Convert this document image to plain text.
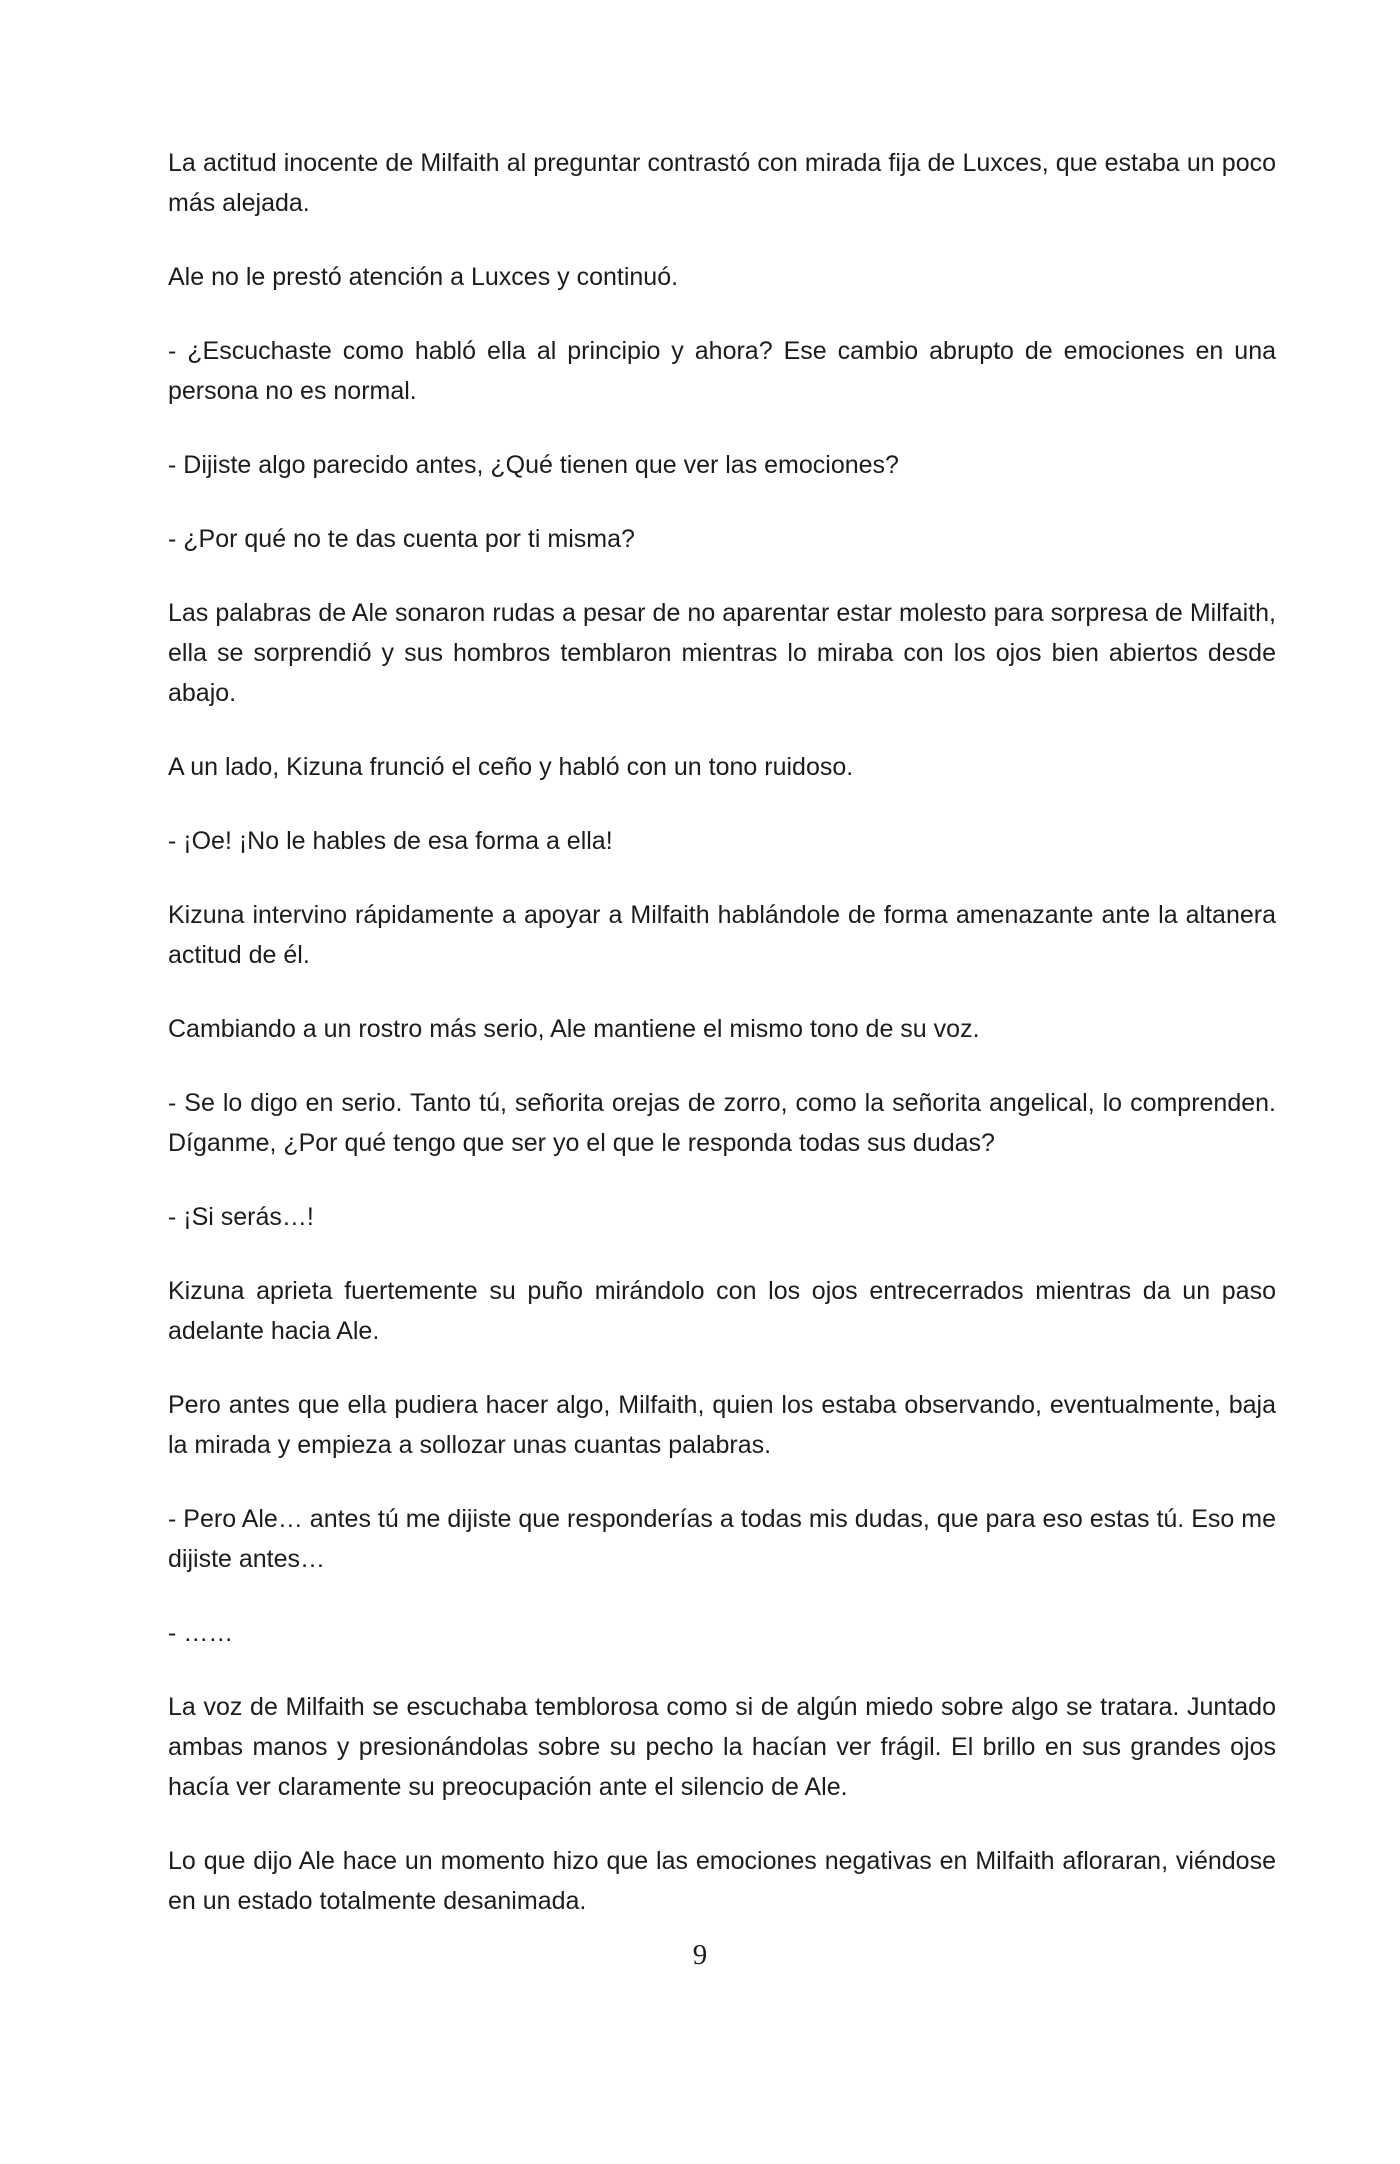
La actitud inocente de Milfaith al preguntar contrastó con mirada fija de Luxces, que estaba un poco más alejada.

Ale no le prestó atención a Luxces y continuó.

- ¿Escuchaste como habló ella al principio y ahora? Ese cambio abrupto de emociones en una persona no es normal.

- Dijiste algo parecido antes, ¿Qué tienen que ver las emociones?

- ¿Por qué no te das cuenta por ti misma?

Las palabras de Ale sonaron rudas a pesar de no aparentar estar molesto para sorpresa de Milfaith, ella se sorprendió y sus hombros temblaron mientras lo miraba con los ojos bien abiertos desde abajo.

A un lado, Kizuna frunció el ceño y habló con un tono ruidoso.

- ¡Oe! ¡No le hables de esa forma a ella!

Kizuna intervino rápidamente a apoyar a Milfaith hablándole de forma amenazante ante la altanera actitud de él.

Cambiando a un rostro más serio, Ale mantiene el mismo tono de su voz.

- Se lo digo en serio. Tanto tú, señorita orejas de zorro, como la señorita angelical, lo comprenden. Díganme, ¿Por qué tengo que ser yo el que le responda todas sus dudas?

- ¡Si serás…!

Kizuna aprieta fuertemente su puño mirándolo con los ojos entrecerrados mientras da un paso adelante hacia Ale.

Pero antes que ella pudiera hacer algo, Milfaith, quien los estaba observando, eventualmente, baja la mirada y empieza a sollozar unas cuantas palabras.

- Pero Ale… antes tú me dijiste que responderías a todas mis dudas, que para eso estas tú. Eso me dijiste antes…

- ……

La voz de Milfaith se escuchaba temblorosa como si de algún miedo sobre algo se tratara. Juntado ambas manos y presionándolas sobre su pecho la hacían ver frágil. El brillo en sus grandes ojos hacía ver claramente su preocupación ante el silencio de Ale.

Lo que dijo Ale hace un momento hizo que las emociones negativas en Milfaith afloraran, viéndose en un estado totalmente desanimada.

9
